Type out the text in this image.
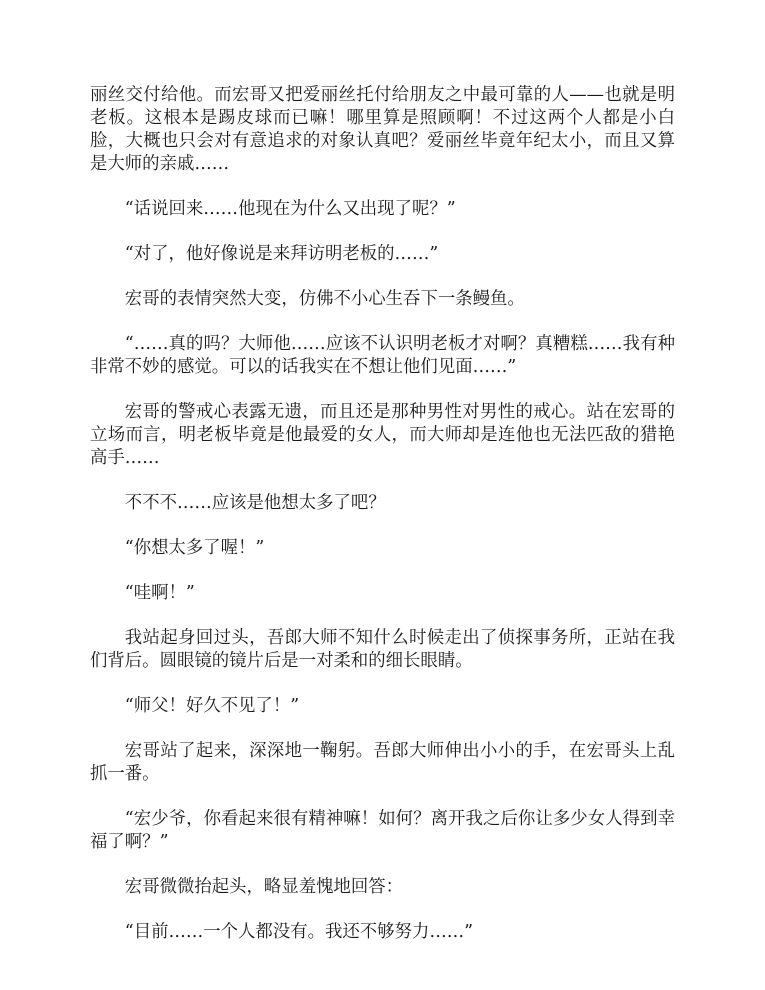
丽丝交付给他。而宏哥又把爱丽丝托付给朋友之中最可靠的人——也就是明老板。这根本是踢皮球而已嘛！哪里算是照顾啊！不过这两个人都是小白脸，大概也只会对有意追求的对象认真吧？爱丽丝毕竟年纪太小，而且又算是大师的亲戚……

“话说回来……他现在为什么又出现了呢？”

“对了，他好像说是来拜访明老板的……”

宏哥的表情突然大变，仿佛不小心生吞下一条鳗鱼。

“……真的吗？大师他……应该不认识明老板才对啊？真糟糕……我有种非常不妙的感觉。可以的话我实在不想让他们见面……”

宏哥的警戒心表露无遗，而且还是那种男性对男性的戒心。站在宏哥的立场而言，明老板毕竟是他最爱的女人，而大师却是连他也无法匹敌的猎艳高手……

不不不……应该是他想太多了吧？

“你想太多了喔！”

“哇啊！”

我站起身回过头，吾郎大师不知什么时候走出了侦探事务所，正站在我们背后。圆眼镜的镜片后是一对柔和的细长眼睛。

“师父！好久不见了！”

宏哥站了起来，深深地一鞠躬。吾郎大师伸出小小的手，在宏哥头上乱抓一番。

“宏少爷，你看起来很有精神嘛！如何？离开我之后你让多少女人得到幸福了啊？”

宏哥微微抬起头，略显羞愧地回答：

“目前……一个人都没有。我还不够努力……”
